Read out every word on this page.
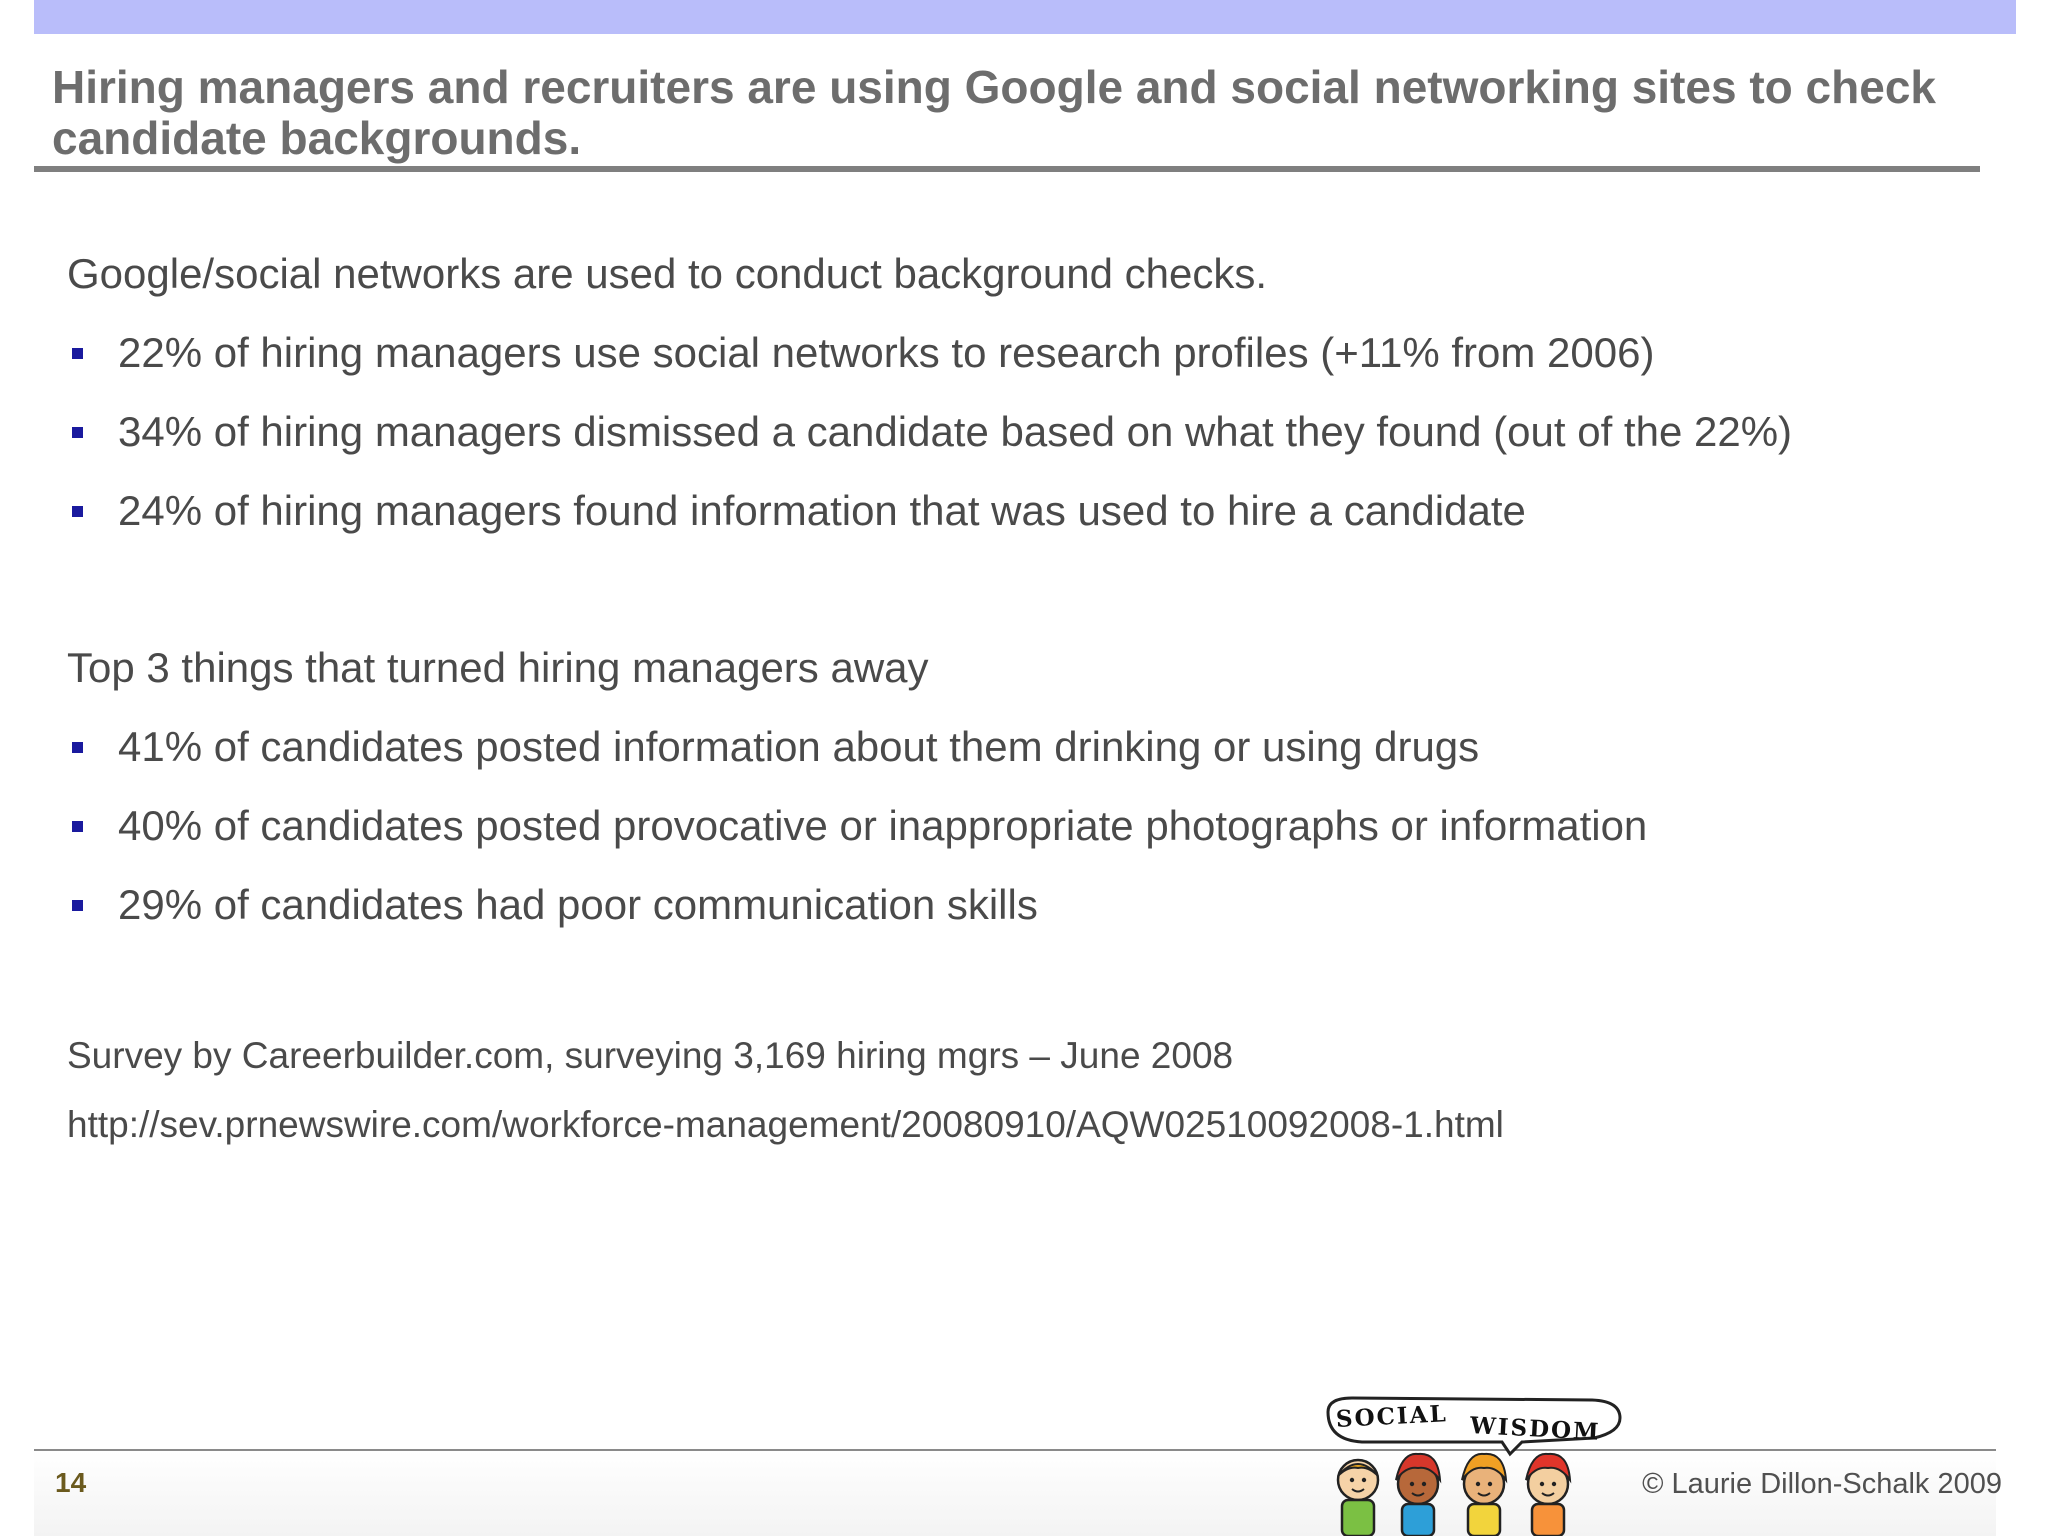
Hiring managers and recruiters are using Google and social networking sites to check candidate backgrounds.
Google/social networks are used to conduct background checks.
22% of hiring managers use social networks to research profiles (+11% from 2006)
34% of hiring managers dismissed a candidate based on what they found (out of the 22%)
24% of hiring managers found information that was used to hire a candidate
Top 3 things that turned hiring managers away
41% of candidates posted information about them drinking or using drugs
40% of candidates posted provocative or inappropriate photographs or information
29% of candidates had poor communication skills
Survey by Careerbuilder.com, surveying 3,169 hiring mgrs – June 2008
http://sev.prnewswire.com/workforce-management/20080910/AQW02510092008-1.html
14	© Laurie Dillon-Schalk 2009
SOCIAL WISDOM
